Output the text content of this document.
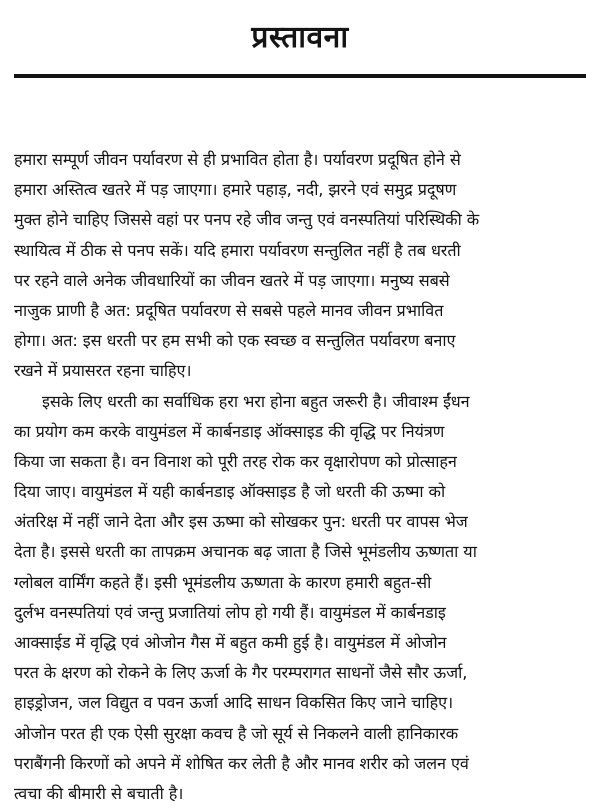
प्रस्तावना

हमारा सम्पूर्ण जीवन पर्यावरण से ही प्रभावित होता है। पर्यावरण प्रदूषित होने से
हमारा अस्तित्व खतरे में पड़ जाएगा। हमारे पहाड़, नदी, झरने एवं समुद्र प्रदूषण
मुक्त होने चाहिए जिससे वहां पर पनप रहे जीव जन्तु एवं वनस्पतियां परिस्थिकी के
स्थायित्व में ठीक से पनप सकें। यदि हमारा पर्यावरण सन्तुलित नहीं है तब धरती
पर रहने वाले अनेक जीवधारियों का जीवन खतरे में पड़ जाएगा। मनुष्य सबसे
नाजुक प्राणी है अत: प्रदूषित पर्यावरण से सबसे पहले मानव जीवन प्रभावित
होगा। अत: इस धरती पर हम सभी को एक स्वच्छ व सन्तुलित पर्यावरण बनाए
रखने में प्रयासरत रहना चाहिए।

इसके लिए धरती का सर्वाधिक हरा भरा होना बहुत जरूरी है। जीवाश्म ईंधन
का प्रयोग कम करके वायुमंडल में कार्बनडाइ ऑक्साइड की वृद्धि पर नियंत्रण
किया जा सकता है। वन विनाश को पूरी तरह रोक कर वृक्षारोपण को प्रोत्साहन
दिया जाए। वायुमंडल में यही कार्बनडाइ ऑक्साइड है जो धरती की ऊष्मा को
अंतरिक्ष में नहीं जाने देता और इस ऊष्मा को सोखकर पुन: धरती पर वापस भेज
देता है। इससे धरती का तापक्रम अचानक बढ़ जाता है जिसे भूमंडलीय ऊष्णता या
ग्लोबल वार्मिंग कहते हैं। इसी भूमंडलीय ऊष्णता के कारण हमारी बहुत-सी
दुर्लभ वनस्पतियां एवं जन्तु प्रजातियां लोप हो गयी हैं। वायुमंडल में कार्बनडाइ
आक्साईड में वृद्धि एवं ओजोन गैस में बहुत कमी हुई है। वायुमंडल में ओजोन
परत के क्षरण को रोकने के लिए ऊर्जा के गैर परम्परागत साधनों जैसे सौर ऊर्जा,
हाइड्रोजन, जल विद्युत व पवन ऊर्जा आदि साधन विकसित किए जाने चाहिए।
ओजोन परत ही एक ऐसी सुरक्षा कवच है जो सूर्य से निकलने वाली हानिकारक
पराबैंगनी किरणों को अपने में शोषित कर लेती है और मानव शरीर को जलन एवं
त्वचा की बीमारी से बचाती है।
